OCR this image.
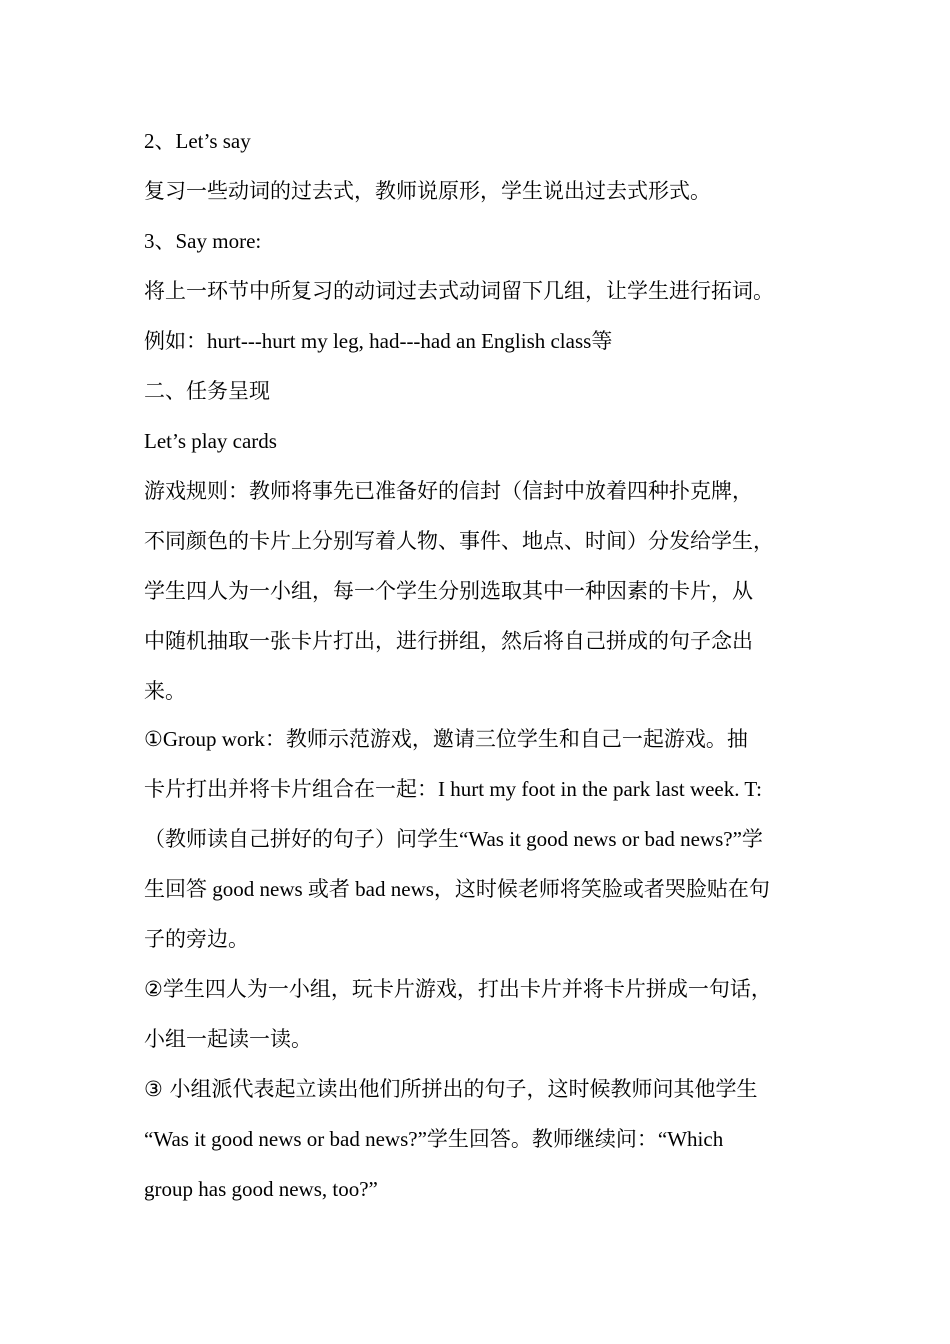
2、Let’s say
复习一些动词的过去式，教师说原形，学生说出过去式形式。
3、Say more:
将上一环节中所复习的动词过去式动词留下几组，让学生进行拓词。
例如：hurt---hurt my leg, had---had an English class等
二、任务呈现
Let’s play cards
游戏规则：教师将事先已准备好的信封（信封中放着四种扑克牌，
不同颜色的卡片上分别写着人物、事件、地点、时间）分发给学生，
学生四人为一小组，每一个学生分别选取其中一种因素的卡片，从
中随机抽取一张卡片打出，进行拼组，然后将自己拼成的句子念出
来。
①Group work：教师示范游戏，邀请三位学生和自己一起游戏。抽
卡片打出并将卡片组合在一起：I hurt my foot in the park last week. T:
（教师读自己拼好的句子）问学生“Was it good news or bad news?”学
生回答 good news 或者 bad news，这时候老师将笑脸或者哭脸贴在句
子的旁边。
②学生四人为一小组，玩卡片游戏，打出卡片并将卡片拼成一句话，
小组一起读一读。
③ 小组派代表起立读出他们所拼出的句子，这时候教师问其他学生
“Was it good news or bad news?”学生回答。教师继续问：“Which
group has good news, too?”
